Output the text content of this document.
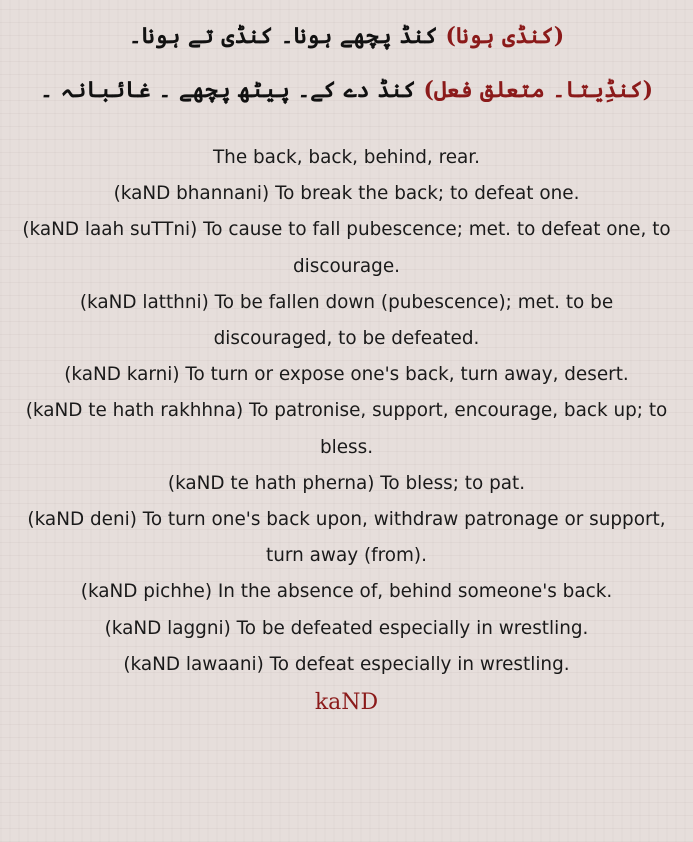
(کنڈی ہونا) کنڈ پچھے ہونا۔ کنڈی تے ہونا۔
(کنڈِیتا۔ متعلق فعل) کنڈ دے کے۔ پیٹھ پچھے ۔ غائبانہ ۔
The back, back, behind, rear.
(kaND bhannani) To break the back; to defeat one.
(kaND laah suTTni) To cause to fall pubescence; met. to defeat one, to discourage.
(kaND latthni) To be fallen down (pubescence); met. to be discouraged, to be defeated.
(kaND karni) To turn or expose one's back, turn away, desert.
(kaND te hath rakhhna) To patronise, support, encourage, back up; to bless.
(kaND te hath pherna) To bless; to pat.
(kaND deni) To turn one's back upon, withdraw patronage or support, turn away (from).
(kaND pichhe) In the absence of, behind someone's back.
(kaND laggni) To be defeated especially in wrestling.
(kaND lawaani) To defeat especially in wrestling.
kaND
